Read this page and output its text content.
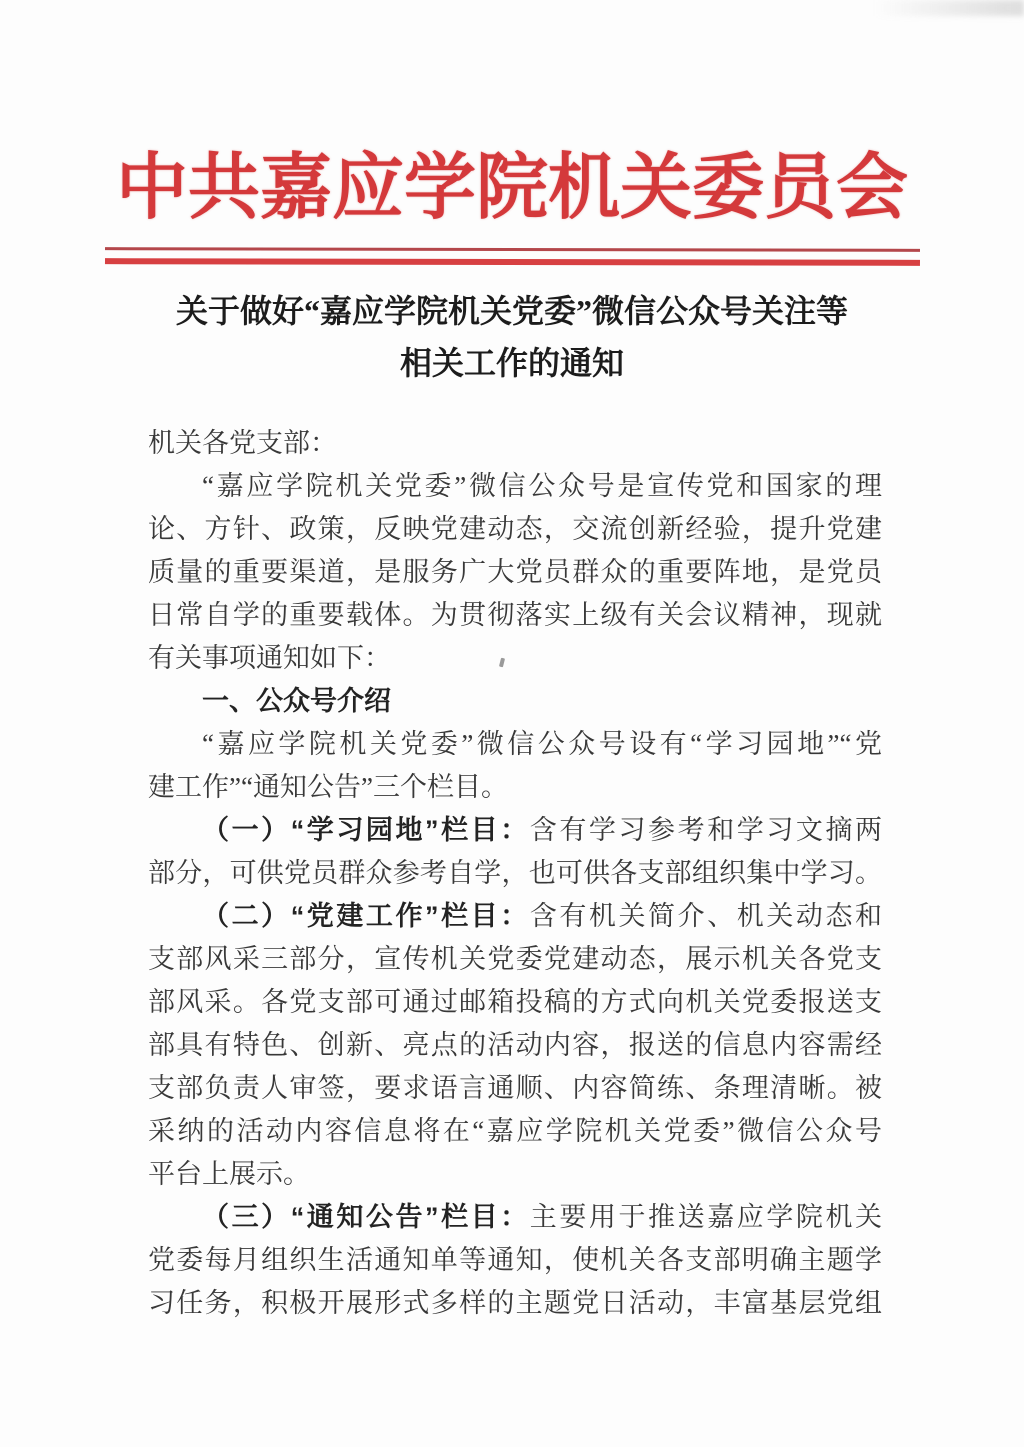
中共嘉应学院机关委员会
关于做好“嘉应学院机关党委”微信公众号关注等
相关工作的通知
机关各党支部：
“嘉应学院机关党委”微信公众号是宣传党和国家的理
论、方针、政策，反映党建动态，交流创新经验，提升党建
质量的重要渠道，是服务广大党员群众的重要阵地，是党员
日常自学的重要载体。为贯彻落实上级有关会议精神，现就
有关事项通知如下：
一、公众号介绍
“嘉应学院机关党委”微信公众号设有“学习园地”“党
建工作”“通知公告”三个栏目。
（一）“学习园地”栏目：含有学习参考和学习文摘两
部分，可供党员群众参考自学，也可供各支部组织集中学习。
（二）“党建工作”栏目：含有机关简介、机关动态和
支部风采三部分，宣传机关党委党建动态，展示机关各党支
部风采。各党支部可通过邮箱投稿的方式向机关党委报送支
部具有特色、创新、亮点的活动内容，报送的信息内容需经
支部负责人审签，要求语言通顺、内容简练、条理清晰。被
采纳的活动内容信息将在“嘉应学院机关党委”微信公众号
平台上展示。
（三）“通知公告”栏目：主要用于推送嘉应学院机关
党委每月组织生活通知单等通知，使机关各支部明确主题学
习任务，积极开展形式多样的主题党日活动，丰富基层党组
